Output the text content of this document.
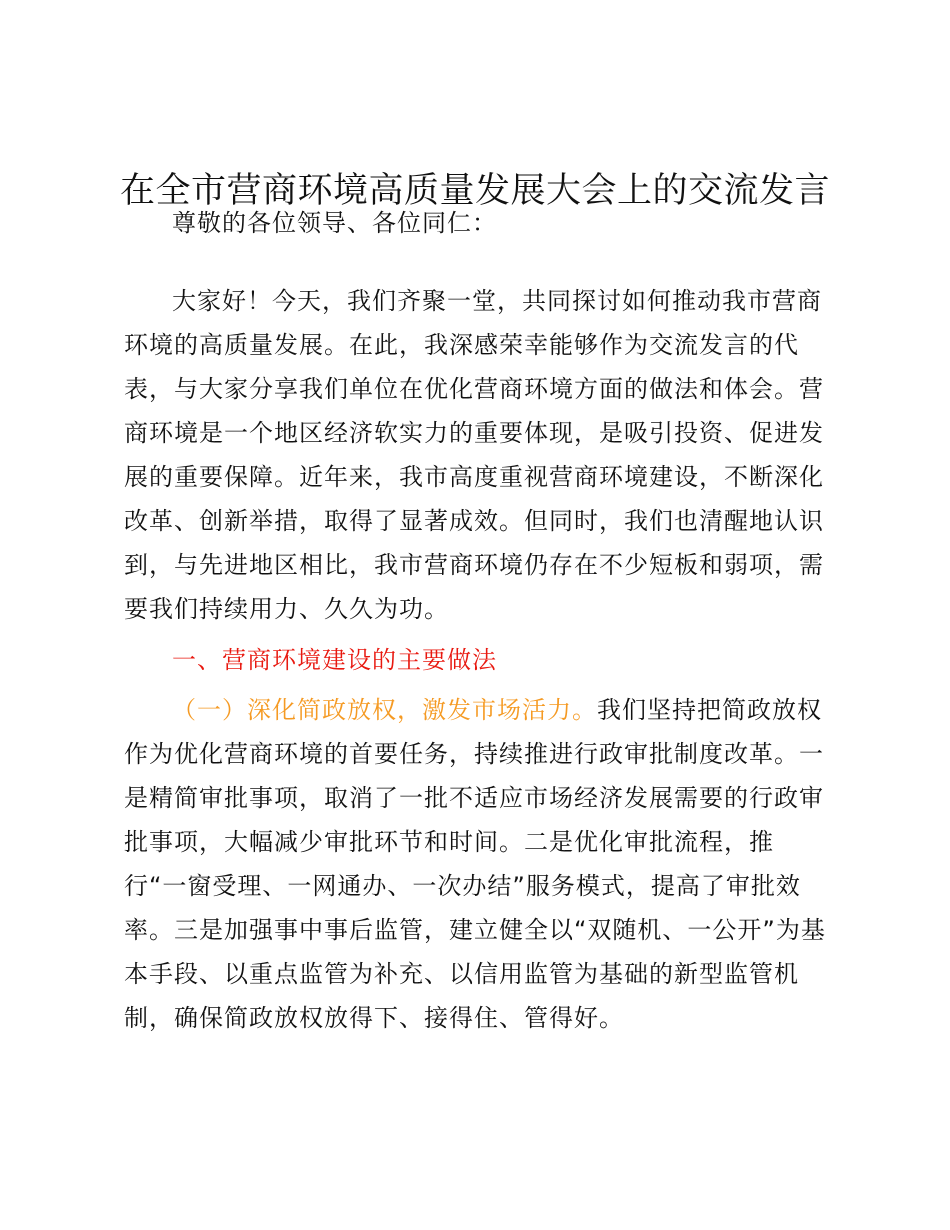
在全市营商环境高质量发展大会上的交流发言

尊敬的各位领导、各位同仁：

大家好！今天，我们齐聚一堂，共同探讨如何推动我市营商环境的高质量发展。在此，我深感荣幸能够作为交流发言的代表，与大家分享我们单位在优化营商环境方面的做法和体会。营商环境是一个地区经济软实力的重要体现，是吸引投资、促进发展的重要保障。近年来，我市高度重视营商环境建设，不断深化改革、创新举措，取得了显著成效。但同时，我们也清醒地认识到，与先进地区相比，我市营商环境仍存在不少短板和弱项，需要我们持续用力、久久为功。

一、营商环境建设的主要做法

（一）深化简政放权，激发市场活力。我们坚持把简政放权作为优化营商环境的首要任务，持续推进行政审批制度改革。一是精简审批事项，取消了一批不适应市场经济发展需要的行政审批事项，大幅减少审批环节和时间。二是优化审批流程，推行“一窗受理、一网通办、一次办结”服务模式，提高了审批效率。三是加强事中事后监管，建立健全以“双随机、一公开”为基本手段、以重点监管为补充、以信用监管为基础的新型监管机制，确保简政放权放得下、接得住、管得好。
